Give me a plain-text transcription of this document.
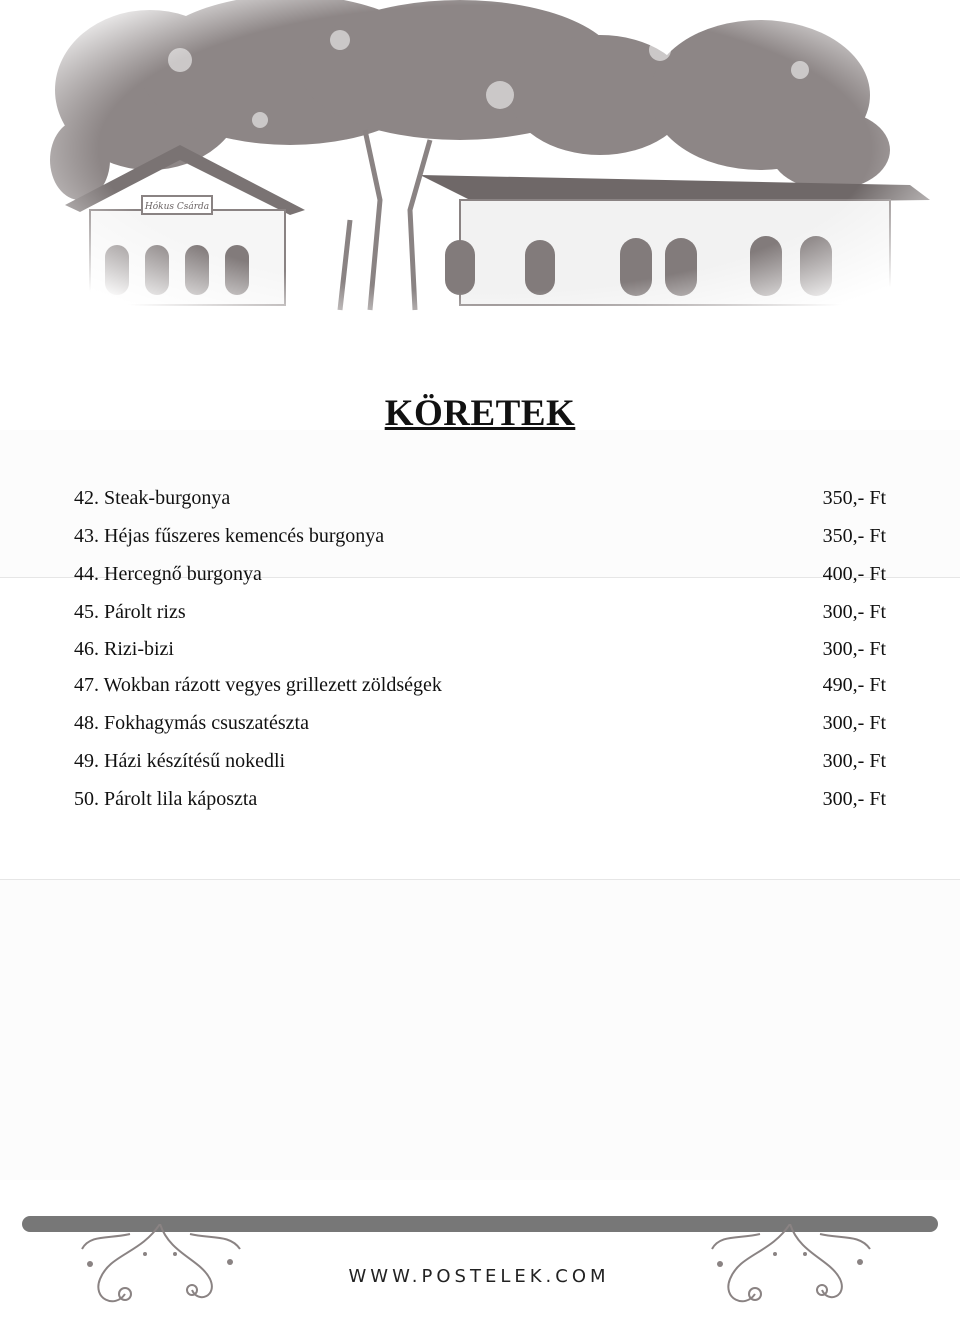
KÖRETEK
42. Steak-burgonya	350,- Ft
43. Héjas fűszeres kemencés burgonya	350,- Ft
44. Hercegnő burgonya	400,- Ft
45. Párolt rizs	300,- Ft
46. Rizi-bizi	300,- Ft
47. Wokban rázott vegyes grillezett zöldségek	490,- Ft
48. Fokhagymás csuszatészta	300,- Ft
49. Házi készítésű nokedli	300,- Ft
50. Párolt lila káposzta	300,- Ft
WWW.POSTELEK.COM
